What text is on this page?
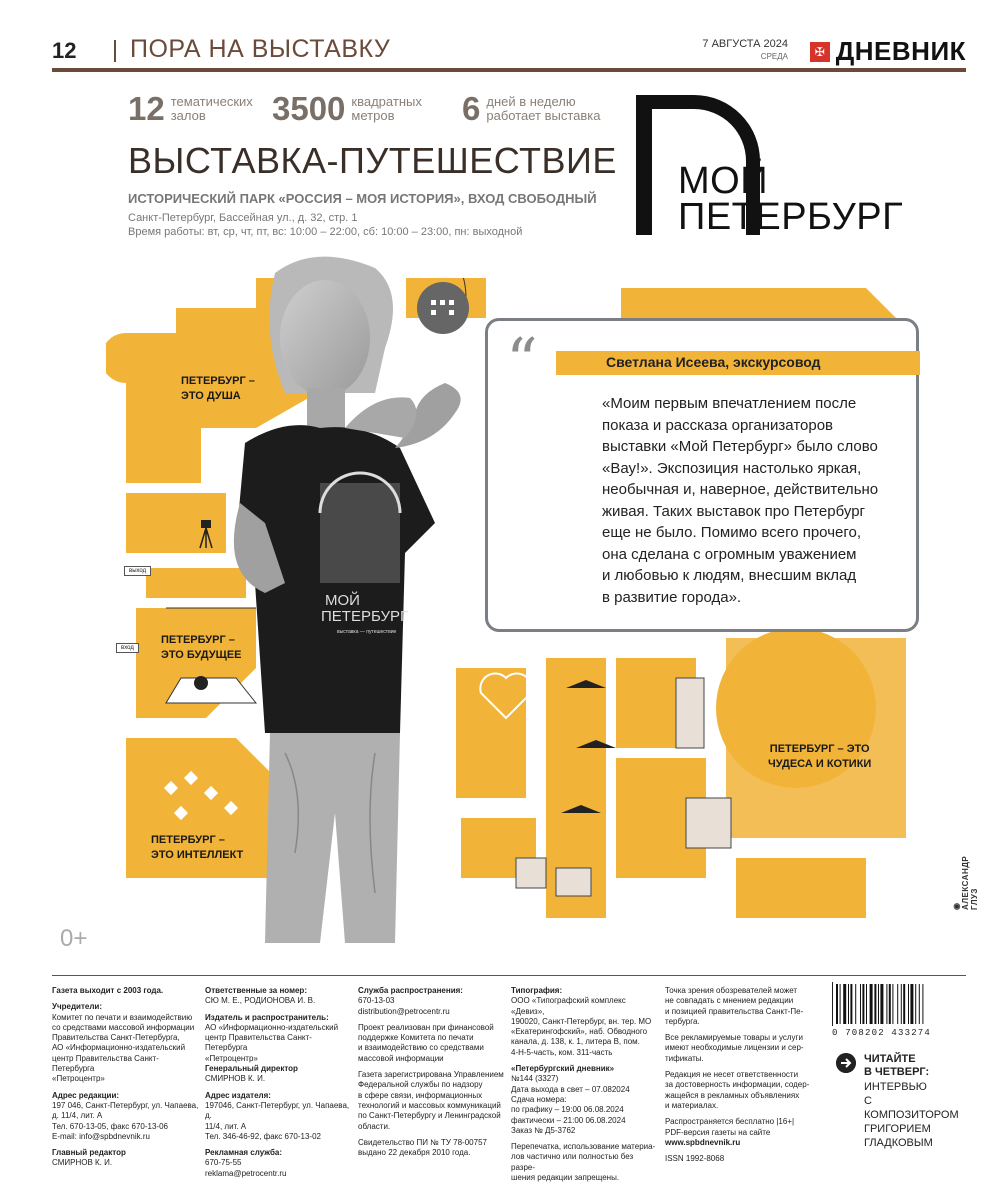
12 ПОРА НА ВЫСТАВКУ	7 АВГУСТА 2024
СРЕДА	✠ ДНЕВНИК
12 тематических
залов	3500 квадратных
метров	6 дней в неделю
работает выставка
ВЫСТАВКА-ПУТЕШЕСТВИЕ
ИСТОРИЧЕСКИЙ ПАРК «РОССИЯ – МОЯ ИСТОРИЯ», ВХОД СВОБОДНЫЙ
Санкт-Петербург, Бассейная ул., д. 32, стр. 1
Время работы: вт, ср, чт, пт, вс: 10:00 – 22:00, сб: 10:00 – 23:00, пн: выходной
МОЙ
ПЕТЕРБУРГ
ПЕТЕРБУРГ –
ЭТО ДУША
ПЕТЕРБУРГ –
ЭТО БУДУЩЕЕ
ПЕТЕРБУРГ –
ЭТО ИНТЕЛЛЕКТ
ПЕТЕРБУРГ – ЭТО
ЧУДЕСА И КОТИКИ
выход
вход
МОЙ
ПЕТЕРБУРГ
выставка — путешествие
“	Светлана Исеева, экскурсовод
«Моим первым впечатлением после
показа и рассказа организаторов
выставки «Мой Петербург» было слово
«Вау!». Экспозиция настолько яркая,
необычная и, наверное, действительно
живая. Таких выставок про Петербург
еще не было. Помимо всего прочего,
она сделана с огромным уважением
и любовью к людям, внесшим вклад
в развитие города».
0+
◉ АЛЕКСАНДР ГЛУЗ
Газета выходит с 2003 года.
Учредители:
Комитет по печати и взаимодействию
со средствами массовой информации
Правительства Санкт-Петербурга,
АО «Информационно-издательский
центр Правительства Санкт-Петербурга
«Петроцентр»
Адрес редакции:
197 046, Санкт-Петербург, ул. Чапаева,
д. 11/4, лит. А
Тел. 670-13-05, факс 670-13-06
E-mail: info@spbdnevnik.ru
Главный редактор
СМИРНОВ К. И.
Ответственные за номер:
СЮ М. Е., РОДИОНОВА И. В.
Издатель и распространитель:
АО «Информационно-издательский
центр Правительства Санкт-Петербурга
«Петроцентр»
Генеральный директор
СМИРНОВ К. И.
Адрес издателя:
197046, Санкт-Петербург, ул. Чапаева, д.
11/4, лит. А
Тел. 346-46-92, факс 670-13-02
Рекламная служба:
670-75-55
reklama@petrocentr.ru
Служба распространения:
670-13-03
distribution@petrocentr.ru
Проект реализован при финансовой
поддержке Комитета по печати
и взаимодействию со средствами
массовой информации
Газета зарегистрирована Управлением
Федеральной службы по надзору
в сфере связи, информационных
технологий и массовых коммуникаций
по Санкт-Петербургу и Ленинградской
области.
Свидетельство ПИ № ТУ 78-00757
выдано 22 декабря 2010 года.
Типография:
ООО «Типографский комплекс «Девиз»,
190020, Санкт-Петербург, вн. тер. МО
«Екатерингофский», наб. Обводного
канала, д. 138, к. 1, литера В, пом.
4-Н-5-часть, ком. 311-часть
«Петербургский дневник»
№144 (3327)
Дата выхода в свет – 07.082024
Сдача номера:
по графику – 19:00 06.08.2024
фактически – 21:00 06.08.2024
Заказ № Д5-3762
Перепечатка, использование материа-
лов частично или полностью без разре-
шения редакции запрещены.
Точка зрения обозревателей может
не совпадать с мнением редакции
и позицией правительства Санкт-Пе-
тербурга.
Все рекламируемые товары и услуги
имеют необходимые лицензии и сер-
тификаты.
Редакция не несет ответственности
за достоверность информации, содер-
жащейся в рекламных объявлениях
и материалах.
Распространяется бесплатно |16+|
PDF-версия газеты на сайте
www.spbdnevnik.ru
ISSN 1992-8068
0 708202 433274
ЧИТАЙТЕ
В ЧЕТВЕРГ:
ИНТЕРВЬЮ
С КОМПОЗИТОРОМ
ГРИГОРИЕМ
ГЛАДКОВЫМ
